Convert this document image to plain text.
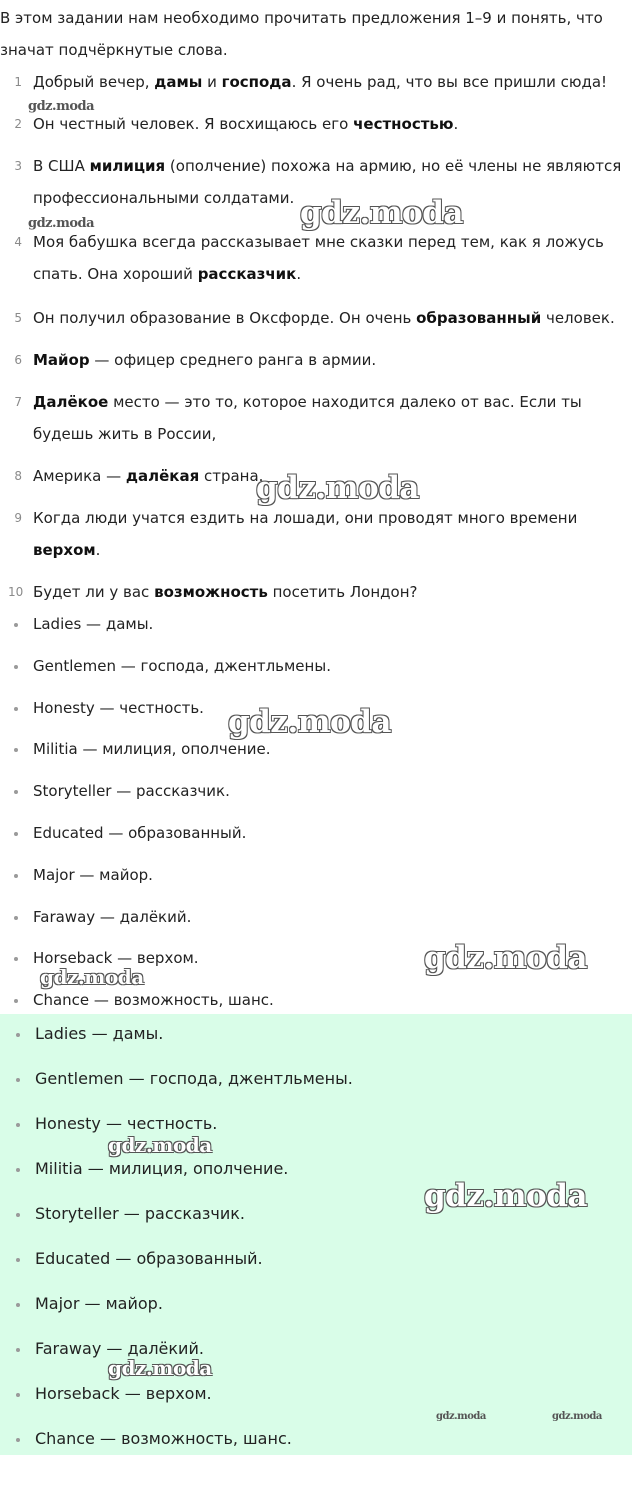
В этом задании нам необходимо прочитать предложения 1–9 и понять, что значат подчёркнутые слова.
1 Добрый вечер, дамы и господа. Я очень рад, что вы все пришли сюда!
2 Он честный человек. Я восхищаюсь его честностью.
3 В США милиция (ополчение) похожа на армию, но её члены не являются профессиональными солдатами.
4 Моя бабушка всегда рассказывает мне сказки перед тем, как я ложусь спать. Она хороший рассказчик.
5 Он получил образование в Оксфорде. Он очень образованный человек.
6 Майор — офицер среднего ранга в армии.
7 Далёкое место — это то, которое находится далеко от вас. Если ты будешь жить в России,
8 Америка — далёкая страна.
9 Когда люди учатся ездить на лошади, они проводят много времени верхом.
10 Будет ли у вас возможность посетить Лондон?
Ladies — дамы.
Gentlemen — господа, джентльмены.
Honesty — честность.
Militia — милиция, ополчение.
Storyteller — рассказчик.
Educated — образованный.
Major — майор.
Faraway — далёкий.
Horseback — верхом.
Chance — возможность, шанс.
Ladies — дамы.
Gentlemen — господа, джентльмены.
Honesty — честность.
Militia — милиция, ополчение.
Storyteller — рассказчик.
Educated — образованный.
Major — майор.
Faraway — далёкий.
Horseback — верхом.
Chance — возможность, шанс.
gdz.moda
gdz.moda	gdz.moda
gdz.moda
gdz.moda
gdz.moda
gdz.moda
gdz.moda
gdz.moda
gdz.moda
gdz.moda	gdz.moda
